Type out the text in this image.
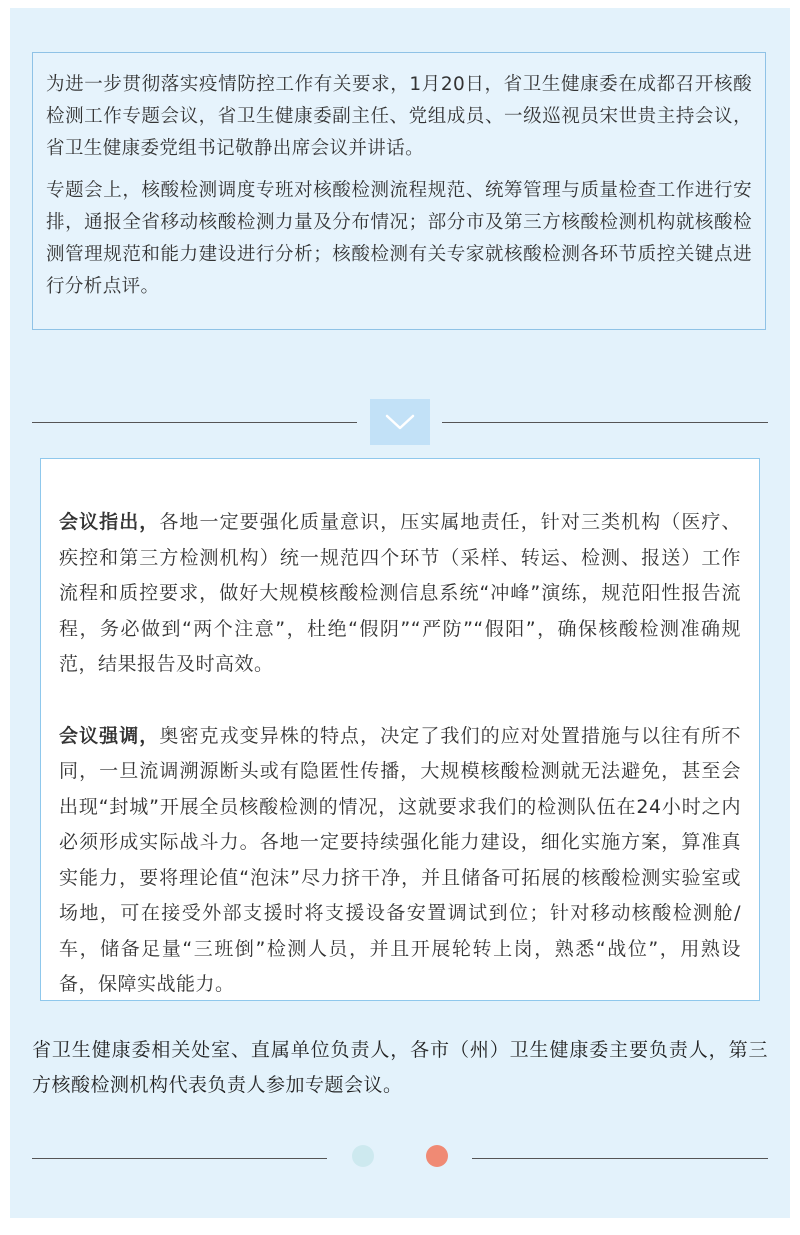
为进一步贯彻落实疫情防控工作有关要求，1月20日，省卫生健康委在成都召开核酸检测工作专题会议，省卫生健康委副主任、党组成员、一级巡视员宋世贵主持会议，省卫生健康委党组书记敬静出席会议并讲话。

专题会上，核酸检测调度专班对核酸检测流程规范、统筹管理与质量检查工作进行安排，通报全省移动核酸检测力量及分布情况；部分市及第三方核酸检测机构就核酸检测管理规范和能力建设进行分析；核酸检测有关专家就核酸检测各环节质控关键点进行分析点评。

会议指出，各地一定要强化质量意识，压实属地责任，针对三类机构（医疗、疾控和第三方检测机构）统一规范四个环节（采样、转运、检测、报送）工作流程和质控要求，做好大规模核酸检测信息系统“冲峰”演练，规范阳性报告流程，务必做到“两个注意”，杜绝“假阴”“严防”“假阳”，确保核酸检测准确规范，结果报告及时高效。

会议强调，奥密克戎变异株的特点，决定了我们的应对处置措施与以往有所不同，一旦流调溯源断头或有隐匿性传播，大规模核酸检测就无法避免，甚至会出现“封城”开展全员核酸检测的情况，这就要求我们的检测队伍在24小时之内必须形成实际战斗力。各地一定要持续强化能力建设，细化实施方案，算准真实能力，要将理论值“泡沫”尽力挤干净，并且储备可拓展的核酸检测实验室或场地，可在接受外部支援时将支援设备安置调试到位；针对移动核酸检测舱/车，储备足量“三班倒”检测人员，并且开展轮转上岗，熟悉“战位”，用熟设备，保障实战能力。

省卫生健康委相关处室、直属单位负责人，各市（州）卫生健康委主要负责人，第三方核酸检测机构代表负责人参加专题会议。
